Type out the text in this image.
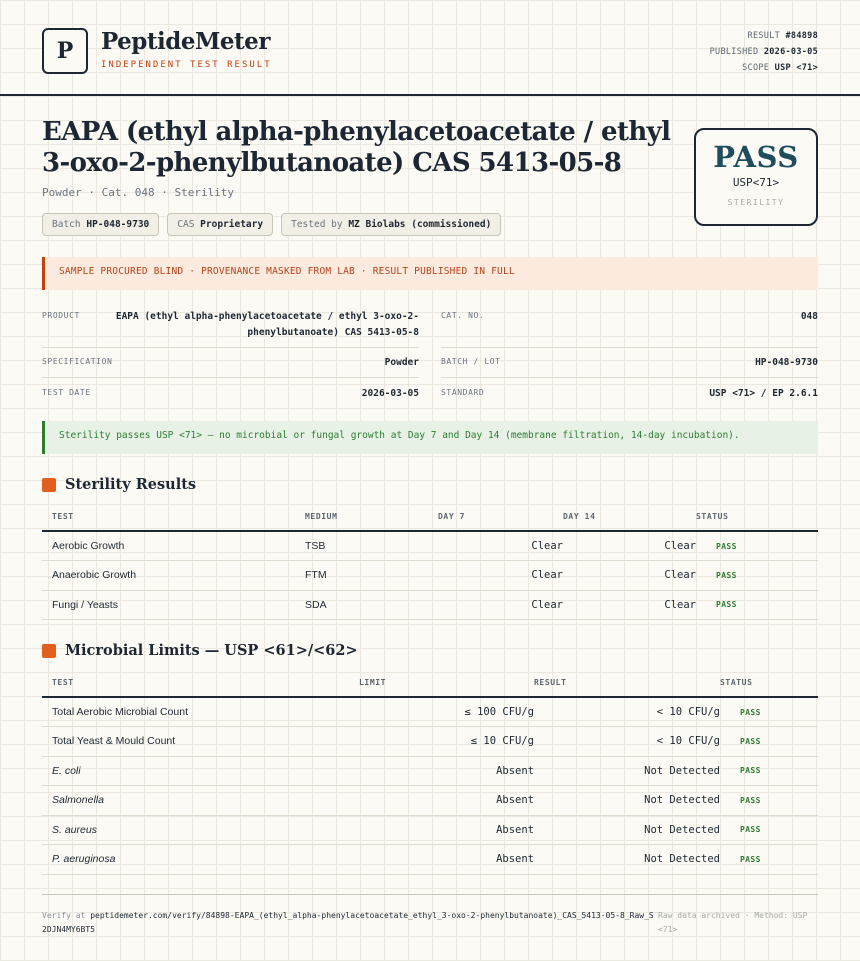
P	PeptideMeter
INDEPENDENT TEST RESULT
RESULT #84898
PUBLISHED 2026-03-05
SCOPE USP <71>
EAPA (ethyl alpha-phenylacetoacetate / ethyl 3-oxo-2-phenylbutanoate) CAS 5413-05-8
Powder · Cat. 048 · Sterility
Batch HP-048-9730	CAS Proprietary	Tested by MZ Biolabs (commissioned)
PASS
USP<71>
STERILITY
SAMPLE PROCURED BLIND · PROVENANCE MASKED FROM LAB · RESULT PUBLISHED IN FULL
PRODUCT	EAPA (ethyl alpha-phenylacetoacetate / ethyl 3-oxo-2-phenylbutanoate) CAS 5413-05-8
CAT. NO.	048
SPECIFICATION	Powder	BATCH / LOT	HP-048-9730
TEST DATE	2026-03-05	STANDARD	USP <71> / EP 2.6.1
Sterility passes USP <71> — no microbial or fungal growth at Day 7 and Day 14 (membrane filtration, 14-day incubation).
Sterility Results
TEST	MEDIUM	DAY 7	DAY 14	STATUS
Aerobic Growth	TSB	Clear	Clear	PASS
Anaerobic Growth	FTM	Clear	Clear	PASS
Fungi / Yeasts	SDA	Clear	Clear	PASS
Microbial Limits — USP <61>/<62>
TEST	LIMIT	RESULT	STATUS
Total Aerobic Microbial Count	≤ 100 CFU/g	< 10 CFU/g	PASS
Total Yeast & Mould Count	≤ 10 CFU/g	< 10 CFU/g	PASS
E. coli	Absent	Not Detected	PASS
Salmonella	Absent	Not Detected	PASS
S. aureus	Absent	Not Detected	PASS
P. aeruginosa	Absent	Not Detected	PASS
Verify at peptidemeter.com/verify/84898-EAPA_(ethyl_alpha-phenylacetoacetate_ethyl_3-oxo-2-phenylbutanoate)_CAS_5413-05-8_Raw_S2DJN4MY6BT5
Raw data archived · Method: USP <71>
